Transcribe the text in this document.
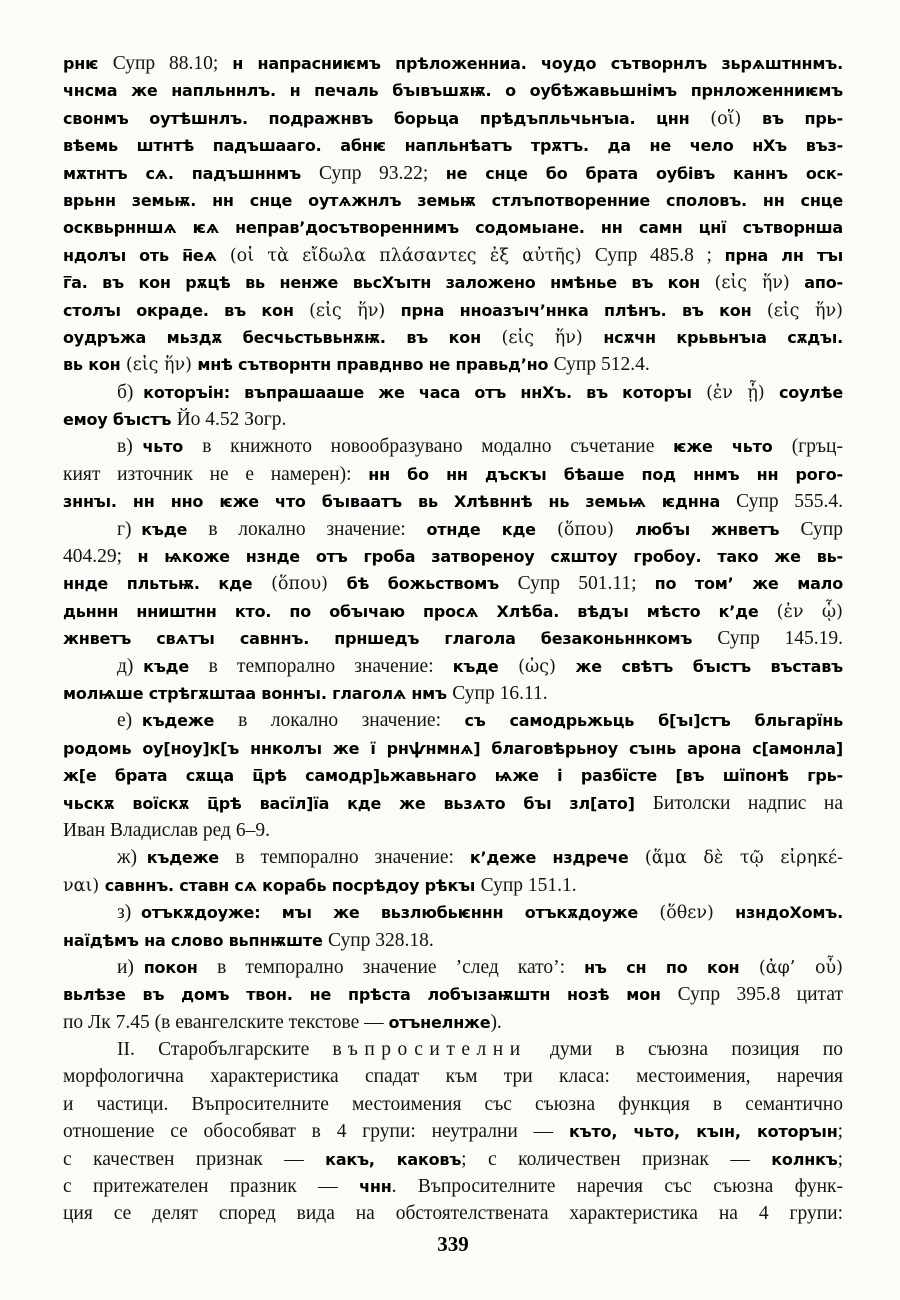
рнѥ Супр 88.10; н напрасниѥмъ прѣложенниа. чоудо сътворнлъ зьрѧштннмъ.
чнсма же напльннлъ. н печаль бъıвъшѫѭ. о оубѣжавьшнімъ прнложенниѥмъ
свонмъ оутѣшнлъ. подражнвъ борьца прѣдъпльчьнъıа. цнн (οἵ) въ прь-
вѣемь штнтѣ падъшааго. абнѥ напльнѣатъ трѫтъ. да не чело нХъ въз-
мѫтнтъ сѧ. падъшннмъ Супр 93.22; не снце бо брата оубівъ каннъ оск-
врьнн земьѭ. нн снце оутѧжнлъ земьѭ стлъпотворенние споловъ. нн снце
осквьрнншѧ ѥѧ неправ’досътвореннимъ содомьıане. нн самн цнї сътворнша
ндолъı оть н̅еѧ (οἱ τὰ εἴδωλα πλάσαντες ἐξ αὐτῆς) Супр 485.8 ; прна лн тъı
г̅а. въ кон рѫцѣ вь ненже вьсХъıтн заложено нмѣнье въ кон (εἰς ἥν) апо-
столъı окраде. въ кон (εἰς ἥν) прна нноазъıч’ннка плѣнъ. въ кон (εἰς ἥν)
оудръжа мьздѫ бесчьстьвьнѫѭ. въ кон (εἰς ἥν) нсѫчн крьвьнъıа сѫдъı.
вь кон (εἰς ἥν) мнѣ сътворнтн правднво не правьд’но Супр 512.4.
б) которъін: въпрашааше же часа отъ ннХъ. въ которъı (ἐν ᾗ) соулѣе
емоу бъıстъ Йо 4.52 Зогр.
в) чьто в книжното новообразувано модално съчетание ѥже чьто (гръц-
кият източник не е намерен): нн бо нн дъскъı бѣаше под ннмъ нн рого-
зннъı. нн нно ѥже что бъıваатъ вь Хлѣвннѣ нь земьѩ ѥднна Супр 555.4.
г) къде в локално значение: отнде кде (ὅπου) любъı жнветъ Супр
404.29; н ѩкоже нзнде отъ гроба затвореноу сѫштоу гробоу. тако же вь-
ннде пльтьѭ. кде (ὅπου) бѣ божьствомъ Супр 501.11; по том’ же мало
дьннн нништнн кто. по объıчаю просѧ Хлѣба. вѣдъı мѣсто к’де (ἐν ᾧ)
жнветъ свѧтъı савннъ. прншедъ глагола безаконьннкомъ Супр 145.19.
д) къде в темпорално значение: къде (ὡς) же свѣтъ бъıстъ въставъ
молѩше стрѣгѫштаа воннъı. глаголѧ нмъ Супр 16.11.
е) къдеже в локално значение: съ самодрьжьць б[ъı]стъ бльгарїнь
родомь оу[ноу]к[ъ ннколъı же ї рнѱнмнѧ] благовѣрьноу съıнь арона с[амонла]
ж[е брата сѫща ц̅рѣ самодр]ьжавьнаго ѩже і разбїсте [въ шїпонѣ грь-
чьскѫ воїскѫ ц̅рѣ васїл]їа кде же вьзѧто бъı зл[ато] Битолски надпис на
Иван Владислав ред 6–9.
ж) къдеже в темпорално значение: к’деже нздрече (ἅμα δὲ τῷ εἰρηκέ-
ναι) савннъ. ставн сѧ корабь посрѣдоу рѣкъı Супр 151.1.
з) отъкѫдоуже: мъı же вьзлюбьѥннн отъкѫдоуже (ὅθεν) нзндоХомъ.
наїдѣмъ на слово вьпнѭште Супр 328.18.
и) покон в темпорално значение ’след като’: нъ сн по кон (ἀφ’ οὗ)
вьлѣзе въ домъ твон. не прѣста лобъıзаѭштн нозѣ мон Супр 395.8 цитат
по Лк 7.45 (в евангелските текстове — отънелнже).
II. Старобългарските въпросителни думи в съюзна позиция по
морфологична характеристика спадат към три класа: местоимения, наречия
и частици. Въпросителните местоимения със съюзна функция в семантично
отношение се обособяват в 4 групи: неутрални — къто, чьто, къıн, которъıн;
с качествен признак — какъ, каковъ; с количествен признак — колнкъ;
с притежателен празник — чнн. Въпросителните наречия със съюзна функ-
ция се делят според вида на обстоятелствената характеристика на 4 групи:
339
